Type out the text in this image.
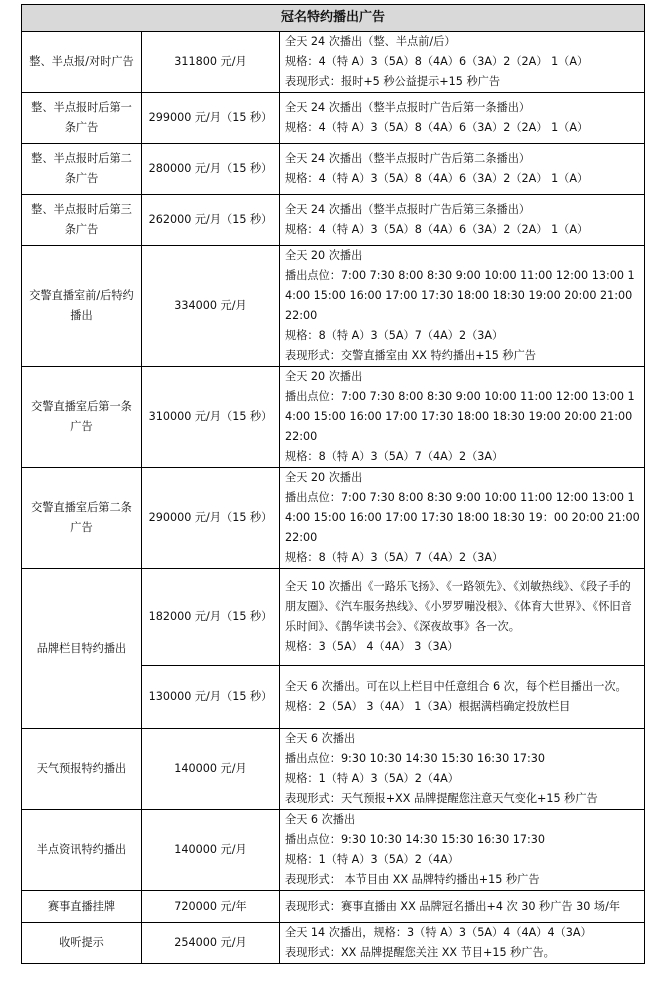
冠名特约播出广告		
整、半点报/对时广告	311800 元/月	全天 24 次播出（整、半点前/后）
规格：4（特 A）3（5A）8（4A）6（3A）2（2A） 1（A）
表现形式：报时+5 秒公益提示+15 秒广告

整、半点报时后第一条广告	299000 元/月（15 秒）	全天 24 次播出（整半点报时广告后第一条播出）
规格：4（特 A）3（5A）8（4A）6（3A）2（2A） 1（A）

整、半点报时后第二条广告	280000 元/月（15 秒）	全天 24 次播出（整半点报时广告后第二条播出）
规格：4（特 A）3（5A）8（4A）6（3A）2（2A） 1（A）

整、半点报时后第三条广告	262000 元/月（15 秒）	全天 24 次播出（整半点报时广告后第三条播出）
规格：4（特 A）3（5A）8（4A）6（3A）2（2A） 1（A）

交警直播室前/后特约播出	334000 元/月	全天 20 次播出
播出点位：7:00 7:30 8:00 8:30 9:00 10:00 11:00 12:00 13:00 14:00 15:00 16:00 17:00 17:30 18:00 18:30 19:00 20:00 21:00 22:00
规格：8（特 A）3（5A）7（4A）2（3A）
表现形式：交警直播室由 XX 特约播出+15 秒广告

交警直播室后第一条广告	310000 元/月（15 秒）	全天 20 次播出
播出点位：7:00 7:30 8:00 8:30 9:00 10:00 11:00 12:00 13:00 14:00 15:00 16:00 17:00 17:30 18:00 18:30 19:00 20:00 21:00 22:00
规格：8（特 A）3（5A）7（4A）2（3A）

交警直播室后第二条广告	290000 元/月（15 秒）	全天 20 次播出
播出点位：7:00 7:30 8:00 8:30 9:00 10:00 11:00 12:00 13:00 14:00 15:00 16:00 17:00 17:30 18:00 18:30 19：00 20:00 21:00 22:00
规格：8（特 A）3（5A）7（4A）2（3A）

品牌栏目特约播出	182000 元/月（15 秒）	全天 10 次播出《一路乐飞扬》、《一路领先》、《刘敏热线》、《段子手的朋友圈》、《汽车服务热线》、《小罗罗嘣没根》、《体育大世界》、《怀旧音乐时间》、《鹊华读书会》、《深夜故事》各一次。
规格：3（5A） 4（4A） 3（3A）

	130000 元/月（15 秒）	全天 6 次播出。可在以上栏目中任意组合 6 次，每个栏目播出一次。
规格：2（5A） 3（4A） 1（3A）根据满档确定投放栏目

天气预报特约播出	140000 元/月	全天 6 次播出
播出点位：9:30 10:30 14:30 15:30 16:30 17:30
规格：1（特 A）3（5A）2（4A）
表现形式：天气预报+XX 品牌提醒您注意天气变化+15 秒广告

半点资讯特约播出	140000 元/月	全天 6 次播出
播出点位：9:30 10:30 14:30 15:30 16:30 17:30
规格：1（特 A）3（5A）2（4A）
表现形式： 本节目由 XX 品牌特约播出+15 秒广告

赛事直播挂牌	720000 元/年	表现形式：赛事直播由 XX 品牌冠名播出+4 次 30 秒广告 30 场/年

收听提示	254000 元/月	全天 14 次播出，规格：3（特 A）3（5A）4（4A）4（3A）
表现形式：XX 品牌提醒您关注 XX 节目+15 秒广告。
